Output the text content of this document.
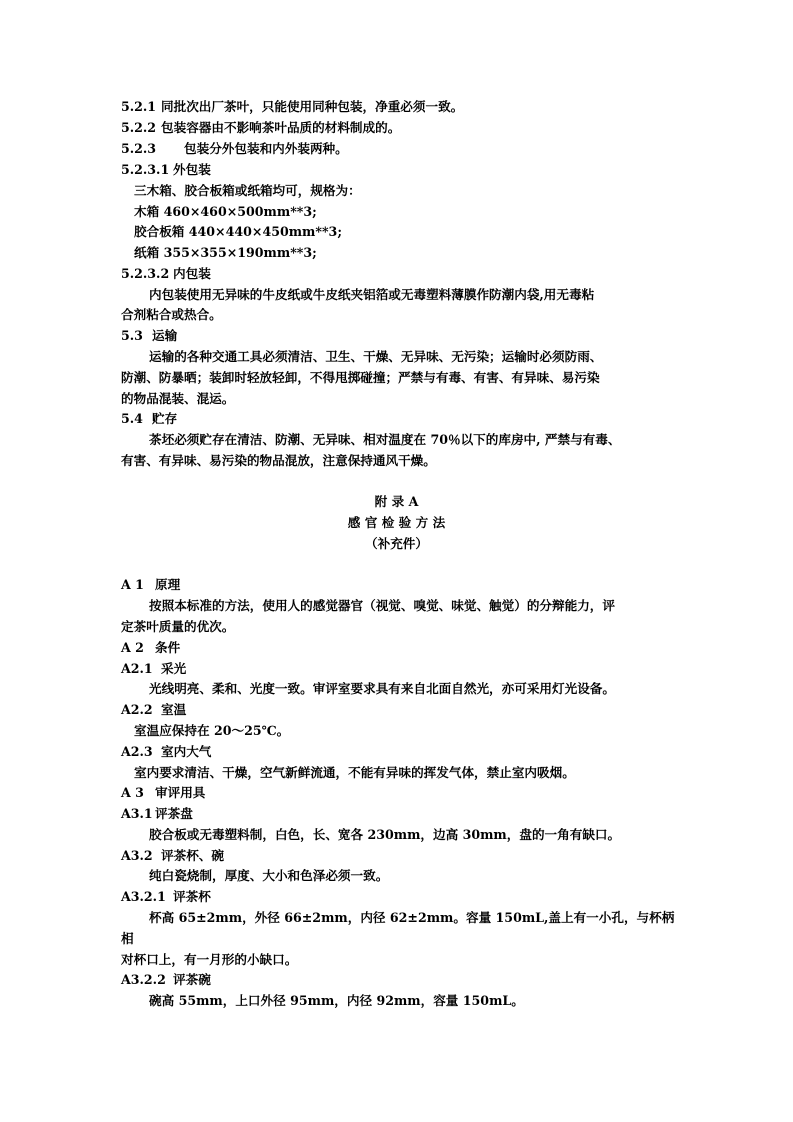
5.2.1 同批次出厂茶叶，只能使用同种包装，净重必须一致。
5.2.2 包装容器由不影响茶叶品质的材料制成的。
5.2.3 包装分外包装和内外装两种。
5.2.3.1 外包装
三木箱、胶合板箱或纸箱均可，规格为：
木箱 460×460×500mm**3;
胶合板箱 440×440×450mm**3;
纸箱 355×355×190mm**3;
5.2.3.2 内包装
内包装使用无异味的牛皮纸或牛皮纸夹铝箔或无毒塑料薄膜作防潮内袋,用无毒粘
合剂粘合或热合。
5.3 运输
运输的各种交通工具必须清洁、卫生、干燥、无异味、无污染；运输时必须防雨、
防潮、防暴晒；装卸时轻放轻卸，不得甩掷碰撞；严禁与有毒、有害、有异味、易污染
的物品混装、混运。
5.4 贮存
茶坯必须贮存在清洁、防潮、无异味、相对温度在 70％以下的库房中, 严禁与有毒、
有害、有异味、易污染的物品混放，注意保持通风干燥。
附 录 A
感 官 检 验 方 法
（补充件）
A 1 原理
按照本标准的方法，使用人的感觉器官（视觉、嗅觉、味觉、触觉）的分辩能力，评
定茶叶质量的优次。
A 2 条件
A2.1 采光
光线明亮、柔和、光度一致。审评室要求具有来自北面自然光，亦可采用灯光设备。
A2.2 室温
室温应保持在 20～25℃。
A2.3 室内大气
室内要求清洁、干燥，空气新鲜流通，不能有异味的挥发气体，禁止室内吸烟。
A 3 审评用具
A3.1 评茶盘
胶合板或无毒塑料制，白色，长、宽各 230mm，边高 30mm，盘的一角有缺口。
A3.2 评茶杯、碗
纯白瓷烧制，厚度、大小和色泽必须一致。
A3.2.1 评茶杯
杯高 65±2mm，外径 66±2mm，内径 62±2mm。容量 150mL,盖上有一小孔，与杯柄
相
对杯口上，有一月形的小缺口。
A3.2.2 评茶碗
碗高 55mm，上口外径 95mm，内径 92mm，容量 150mL。
